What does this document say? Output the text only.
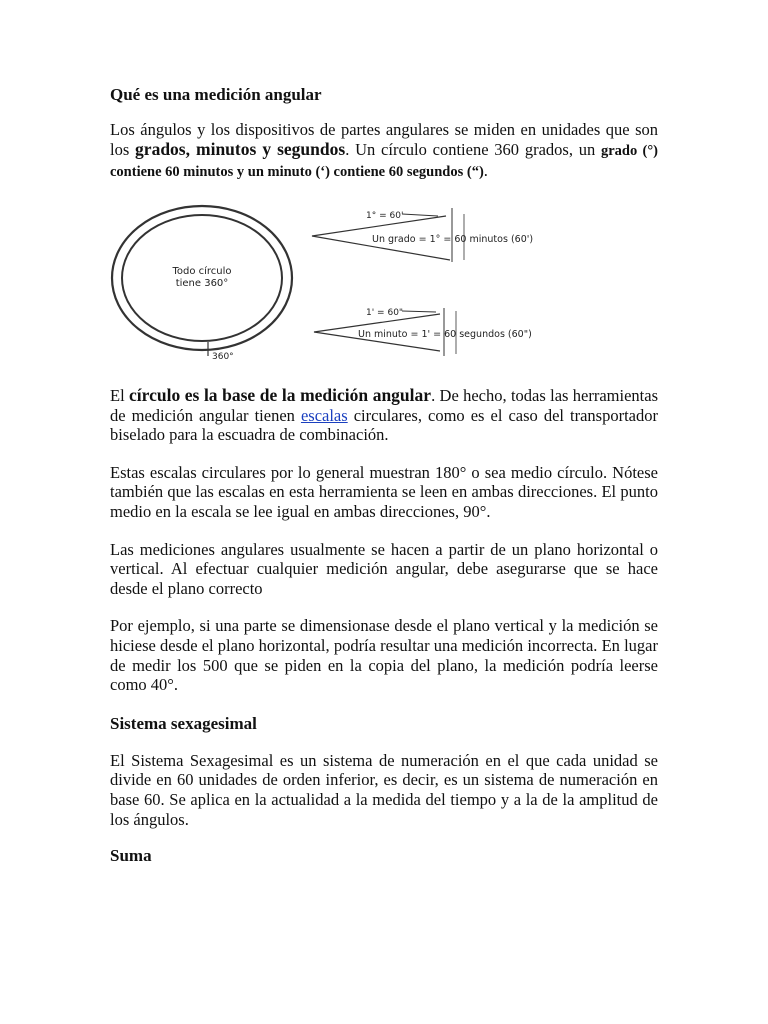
Qué es una medición angular

Los ángulos y los dispositivos de partes angulares se miden en unidades que son los grados, minutos y segundos. Un círculo contiene 360 grados, un grado (°) contiene 60 minutos y un minuto (‘) contiene 60 segundos (“).

Todo círculo
tiene 360°
360°
1° = 60'
Un grado = 1° = 60 minutos (60')
1' = 60"
Un minuto = 1' = 60 segundos (60")

El círculo es la base de la medición angular. De hecho, todas las herramientas de medición angular tienen escalas circulares, como es el caso del transportador biselado para la escuadra de combinación.

Estas escalas circulares por lo general muestran 180° o sea medio círculo. Nótese también que las escalas en esta herramienta se leen en ambas direcciones. El punto medio en la escala se lee igual en ambas direcciones, 90°.

Las mediciones angulares usualmente se hacen a partir de un plano horizontal o vertical. Al efectuar cualquier medición angular, debe asegurarse que se hace desde el plano correcto

Por ejemplo, si una parte se dimensionase desde el plano vertical y la medición se hiciese desde el plano horizontal, podría resultar una medición incorrecta. En lugar de medir los 500 que se piden en la copia del plano, la medición podría leerse como 40°.

Sistema sexagesimal

El Sistema Sexagesimal es un sistema de numeración en el que cada unidad se divide en 60 unidades de orden inferior, es decir, es un sistema de numeración en base 60. Se aplica en la actualidad a la medida del tiempo y a la de la amplitud de los ángulos.

Suma
